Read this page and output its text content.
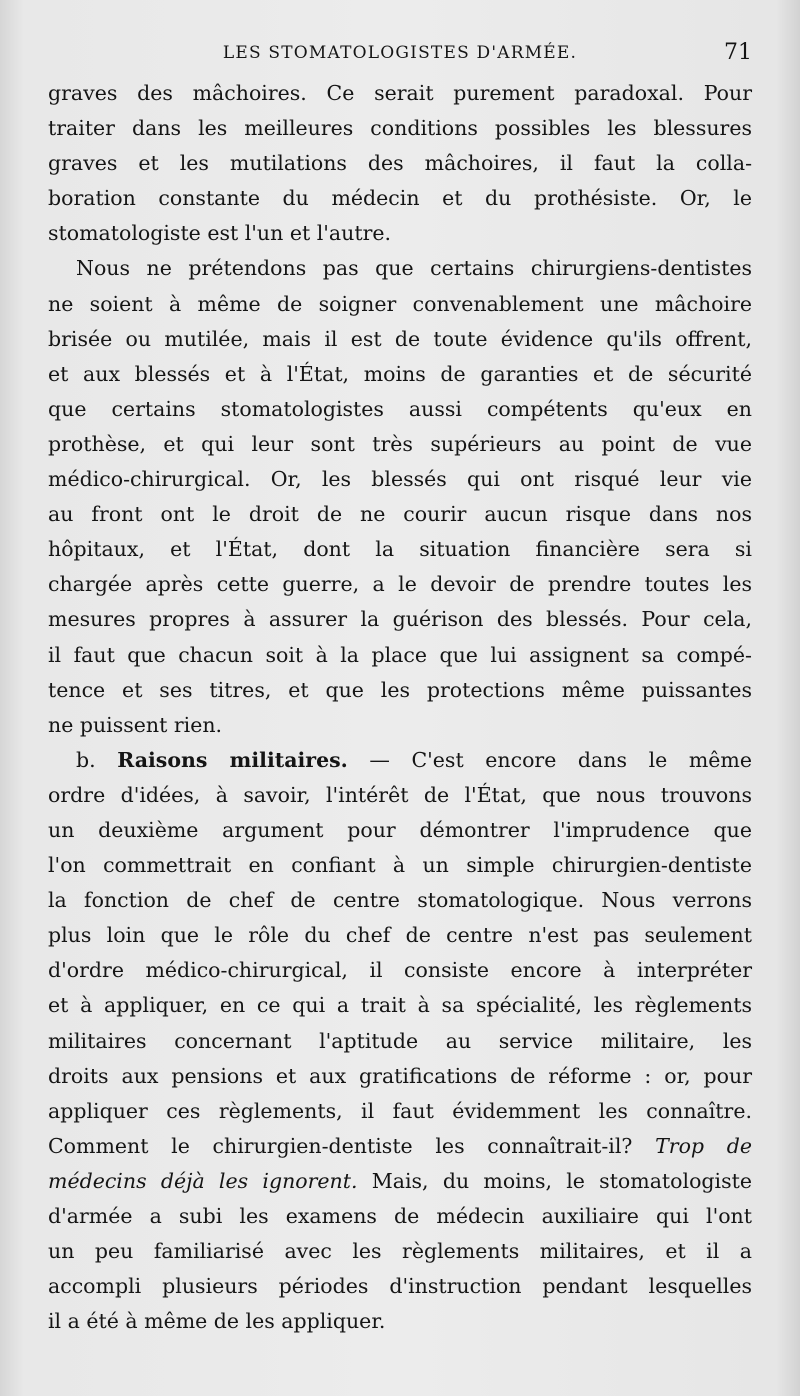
LES STOMATOLOGISTES D'ARMÉE.	71
graves des mâchoires. Ce serait purement paradoxal. Pour
traiter dans les meilleures conditions possibles les blessures
graves et les mutilations des mâchoires, il faut la colla-
boration constante du médecin et du prothésiste. Or, le
stomatologiste est l'un et l'autre.
Nous ne prétendons pas que certains chirurgiens-dentistes
ne soient à même de soigner convenablement une mâchoire
brisée ou mutilée, mais il est de toute évidence qu'ils offrent,
et aux blessés et à l'État, moins de garanties et de sécurité
que certains stomatologistes aussi compétents qu'eux en
prothèse, et qui leur sont très supérieurs au point de vue
médico-chirurgical. Or, les blessés qui ont risqué leur vie
au front ont le droit de ne courir aucun risque dans nos
hôpitaux, et l'État, dont la situation financière sera si
chargée après cette guerre, a le devoir de prendre toutes les
mesures propres à assurer la guérison des blessés. Pour cela,
il faut que chacun soit à la place que lui assignent sa compé-
tence et ses titres, et que les protections même puissantes
ne puissent rien.
b. Raisons militaires. — C'est encore dans le même
ordre d'idées, à savoir, l'intérêt de l'État, que nous trouvons
un deuxième argument pour démontrer l'imprudence que
l'on commettrait en confiant à un simple chirurgien-dentiste
la fonction de chef de centre stomatologique. Nous verrons
plus loin que le rôle du chef de centre n'est pas seulement
d'ordre médico-chirurgical, il consiste encore à interpréter
et à appliquer, en ce qui a trait à sa spécialité, les règlements
militaires concernant l'aptitude au service militaire, les
droits aux pensions et aux gratifications de réforme : or, pour
appliquer ces règlements, il faut évidemment les connaître.
Comment le chirurgien-dentiste les connaîtrait-il? Trop de
médecins déjà les ignorent. Mais, du moins, le stomatologiste
d'armée a subi les examens de médecin auxiliaire qui l'ont
un peu familiarisé avec les règlements militaires, et il a
accompli plusieurs périodes d'instruction pendant lesquelles
il a été à même de les appliquer.
